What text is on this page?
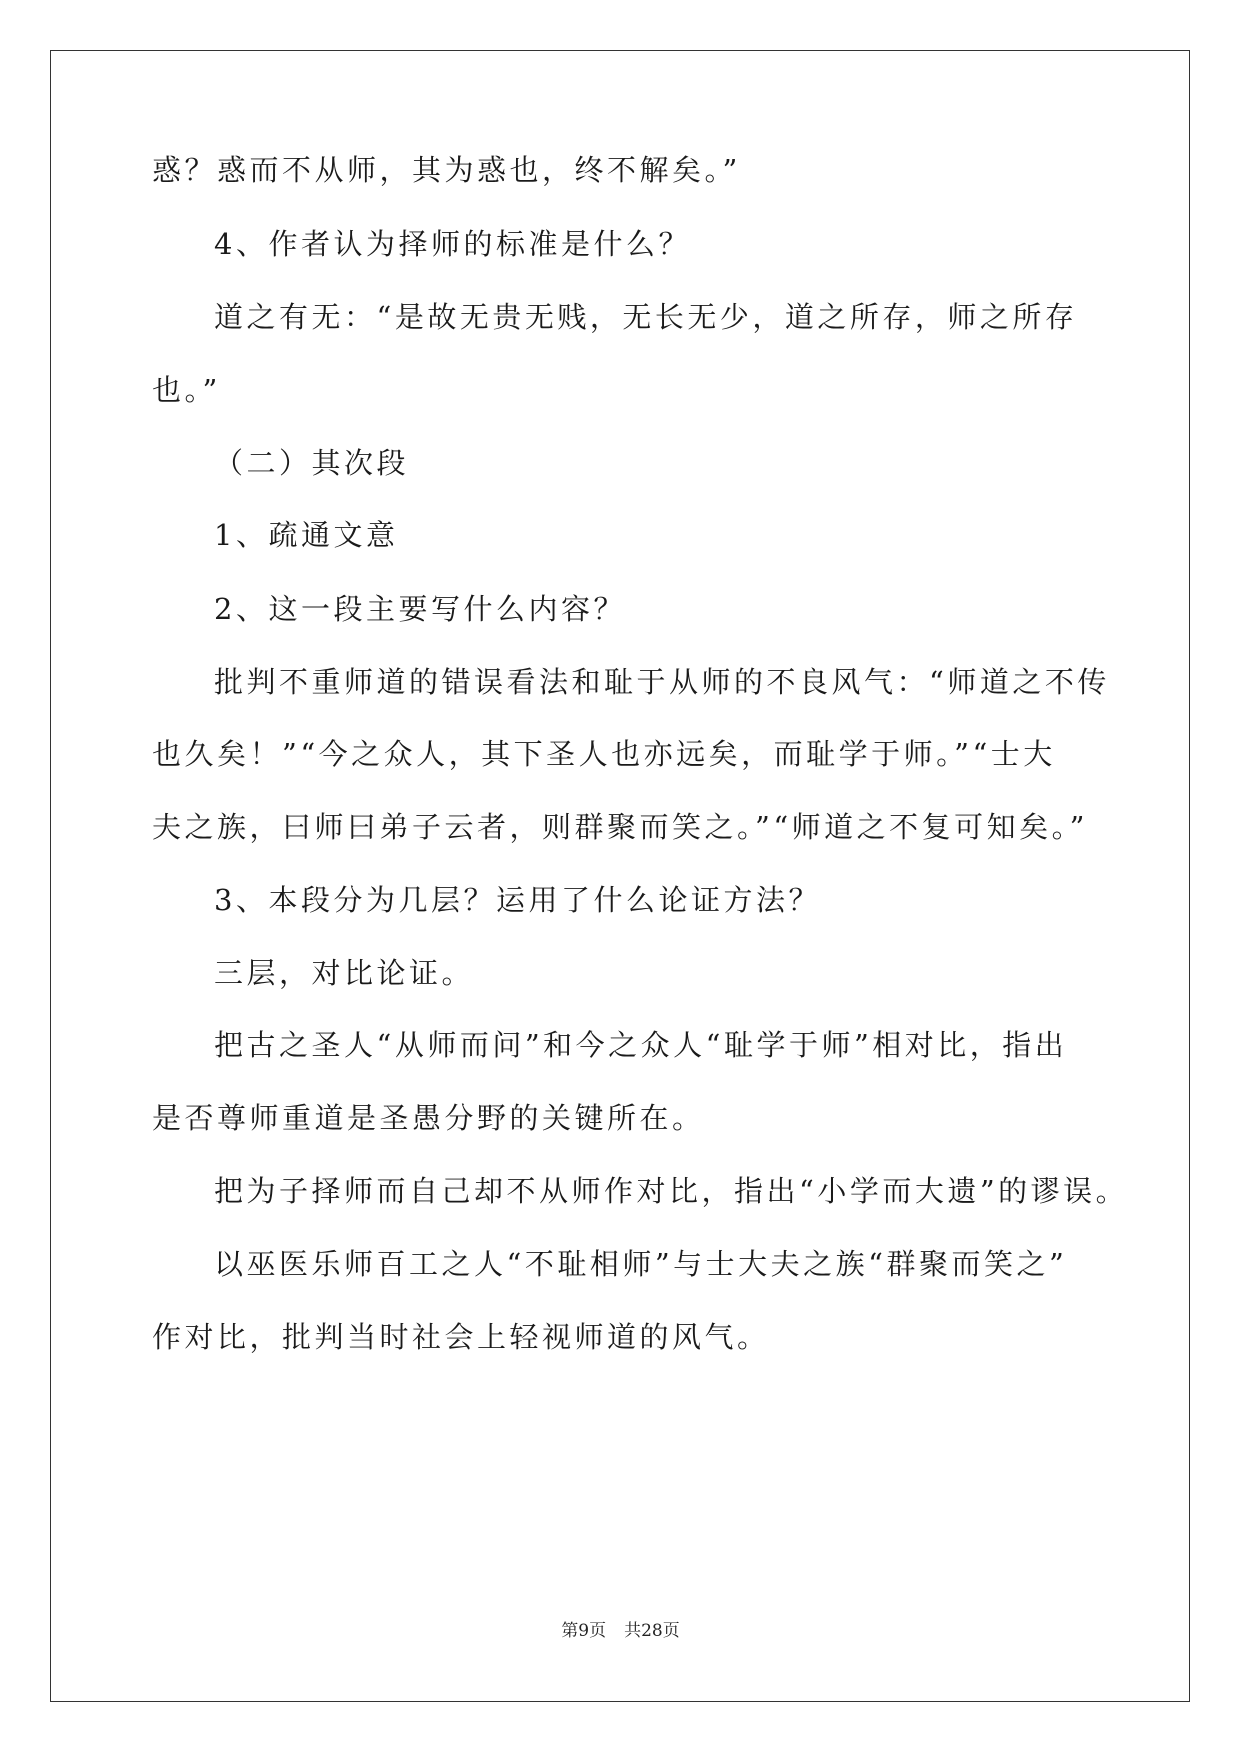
惑？惑而不从师，其为惑也，终不解矣。”
4、作者认为择师的标准是什么？
道之有无：“是故无贵无贱，无长无少，道之所存，师之所存
也。”
（二）其次段
1、疏通文意
2、这一段主要写什么内容？
批判不重师道的错误看法和耻于从师的不良风气：“师道之不传
也久矣！”“今之众人，其下圣人也亦远矣，而耻学于师。”“士大
夫之族，曰师曰弟子云者，则群聚而笑之。”“师道之不复可知矣。”
3、本段分为几层？运用了什么论证方法？
三层，对比论证。
把古之圣人“从师而问”和今之众人“耻学于师”相对比，指出
是否尊师重道是圣愚分野的关键所在。
把为子择师而自己却不从师作对比，指出“小学而大遗”的谬误。
以巫医乐师百工之人“不耻相师”与士大夫之族“群聚而笑之”
作对比，批判当时社会上轻视师道的风气。
第9页 共28页
